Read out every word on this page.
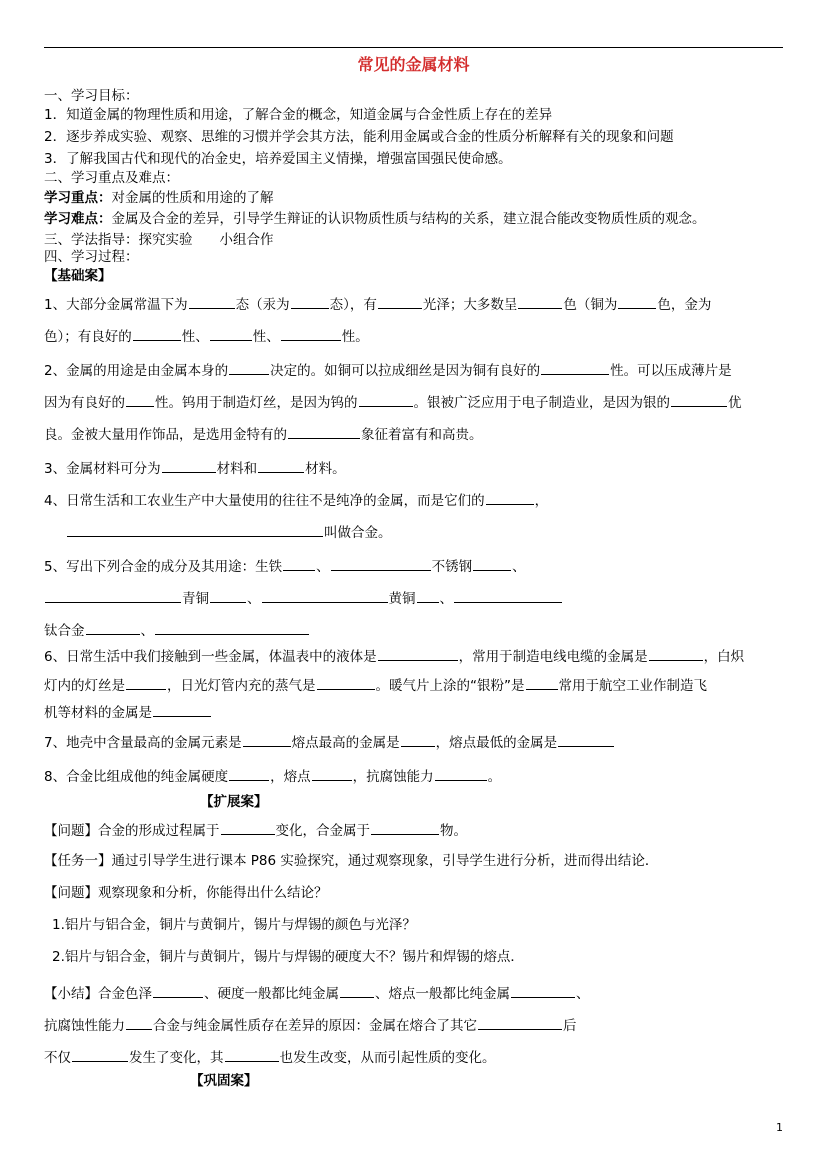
常见的金属材料
一、学习目标：
1．知道金属的物理性质和用途，了解合金的概念，知道金属与合金性质上存在的差异
2．逐步养成实验、观察、思维的习惯并学会其方法，能利用金属或合金的性质分析解释有关的现象和问题
3．了解我国古代和现代的冶金史，培养爱国主义情操，增强富国强民使命感。
二、学习重点及难点：
学习重点：对金属的性质和用途的了解
学习难点：金属及合金的差异，引导学生辩证的认识物质性质与结构的关系，建立混合能改变物质性质的观念。
三、学法指导：探究实验　　小组合作
四、学习过程：
【基础案】
1、大部分金属常温下为	态（汞为	态），有	光泽；大多数呈	色（铜为	色，金为
色）；有良好的	性、	性、	性。
2、金属的用途是由金属本身的	决定的。如铜可以拉成细丝是因为铜有良好的	性。可以压成薄片是
因为有良好的 性。钨用于制造灯丝，是因为钨的	。银被广泛应用于电子制造业，是因为银的	优
良。金被大量用作饰品，是选用金特有的	象征着富有和高贵。
3、金属材料可分为	材料和	材料。
4、日常生活和工农业生产中大量使用的往往不是纯净的金属，而是它们的	，
叫做合金。
5、写出下列合金的成分及其用途：生铁	、	不锈钢	、
青铜	、	黄铜 、
钛合金	、
6、日常生活中我们接触到一些金属，体温表中的液体是	，常用于制造电线电缆的金属是	，白炽
灯内的灯丝是	，日光灯管内充的蒸气是	。暖气片上涂的“银粉”是	常用于航空工业作制造飞
机等材料的金属是
7、地壳中含量最高的金属元素是	熔点最高的金属是	，熔点最低的金属是
8、合金比组成他的纯金属硬度	，熔点	，抗腐蚀能力	。
【扩展案】
【问题】合金的形成过程属于	变化，合金属于	物。
【任务一】通过引导学生进行课本 P86 实验探究，通过观察现象，引导学生进行分析，进而得出结论．
【问题】观察现象和分析，你能得出什么结论？
1.铝片与铝合金，铜片与黄铜片，锡片与焊锡的颜色与光泽？
2.铝片与铝合金，铜片与黄铜片，锡片与焊锡的硬度大不？锡片和焊锡的熔点．
【小结】合金色泽	、硬度一般都比纯金属	、熔点一般都比纯金属	、
抗腐蚀性能力 合金与纯金属性质存在差异的原因：金属在熔合了其它	后
不仅	发生了变化，其	也发生改变，从而引起性质的变化。
【巩固案】
1
